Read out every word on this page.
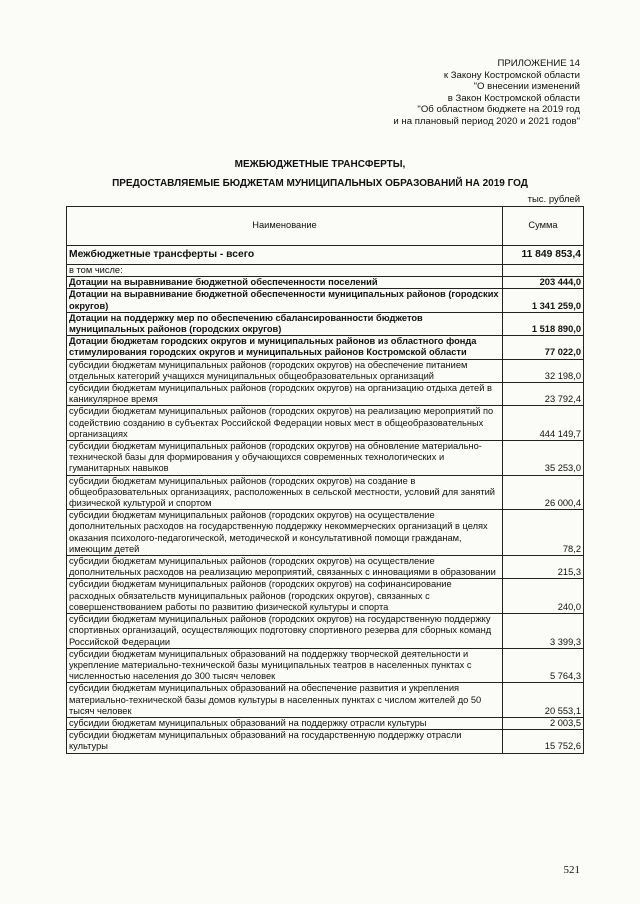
ПРИЛОЖЕНИЕ 14
к Закону Костромской области
"О внесении изменений
в Закон Костромской области
"Об областном бюджете на 2019 год
и на плановый период 2020 и 2021 годов"
МЕЖБЮДЖЕТНЫЕ ТРАНСФЕРТЫ,
ПРЕДОСТАВЛЯЕМЫЕ БЮДЖЕТАМ МУНИЦИПАЛЬНЫХ ОБРАЗОВАНИЙ НА 2019 ГОД
тыс. рублей
Наименование	Сумма
Межбюджетные трансферты - всего	11 849 853,4
в том числе:	
Дотации на выравнивание бюджетной обеспеченности поселений	203 444,0
Дотации на выравнивание бюджетной обеспеченности муниципальных районов (городских округов)	1 341 259,0
Дотации на поддержку мер по обеспечению сбалансированности бюджетов муниципальных районов (городских округов)	1 518 890,0
Дотации бюджетам городских округов и муниципальных районов из областного фонда стимулирования городских округов и муниципальных районов Костромской области	77 022,0
субсидии бюджетам муниципальных районов (городских округов) на обеспечение питанием отдельных категорий учащихся муниципальных общеобразовательных организаций	32 198,0
субсидии бюджетам муниципальных районов (городских округов) на организацию отдыха детей в каникулярное время	23 792,4
субсидии бюджетам муниципальных районов (городских округов) на реализацию мероприятий по содействию созданию в субъектах Российской Федерации новых мест в общеобразовательных организациях	444 149,7
субсидии бюджетам муниципальных районов (городских округов) на обновление материально-технической базы для формирования у обучающихся современных технологических и гуманитарных навыков	35 253,0
субсидии бюджетам муниципальных районов (городских округов) на создание в общеобразовательных организациях, расположенных в сельской местности, условий для занятий физической культурой и спортом	26 000,4
субсидии бюджетам муниципальных районов (городских округов) на осуществление дополнительных расходов на государственную поддержку некоммерческих организаций в целях оказания психолого-педагогической, методической и консультативной помощи гражданам, имеющим детей	78,2
субсидии бюджетам муниципальных районов (городских округов) на осуществление дополнительных расходов на реализацию мероприятий, связанных с инновациями в образовании	215,3
субсидии бюджетам муниципальных районов (городских округов) на софинансирование расходных обязательств муниципальных районов (городских округов), связанных с совершенствованием работы по развитию физической культуры и спорта	240,0
субсидии бюджетам муниципальных районов (городских округов) на государственную поддержку спортивных организаций, осуществляющих подготовку спортивного резерва для сборных команд Российской Федерации	3 399,3
субсидии бюджетам муниципальных образований на поддержку творческой деятельности и укрепление материально-технической базы муниципальных театров в населенных пунктах с численностью населения до 300 тысяч человек	5 764,3
субсидии бюджетам муниципальных образований на обеспечение развития и укрепления материально-технической базы домов культуры в населенных пунктах с числом жителей до 50 тысяч человек	20 553,1
субсидии бюджетам муниципальных образований на поддержку отрасли культуры	2 003,5
субсидии бюджетам муниципальных образований на государственную поддержку отрасли культуры	15 752,6
521
